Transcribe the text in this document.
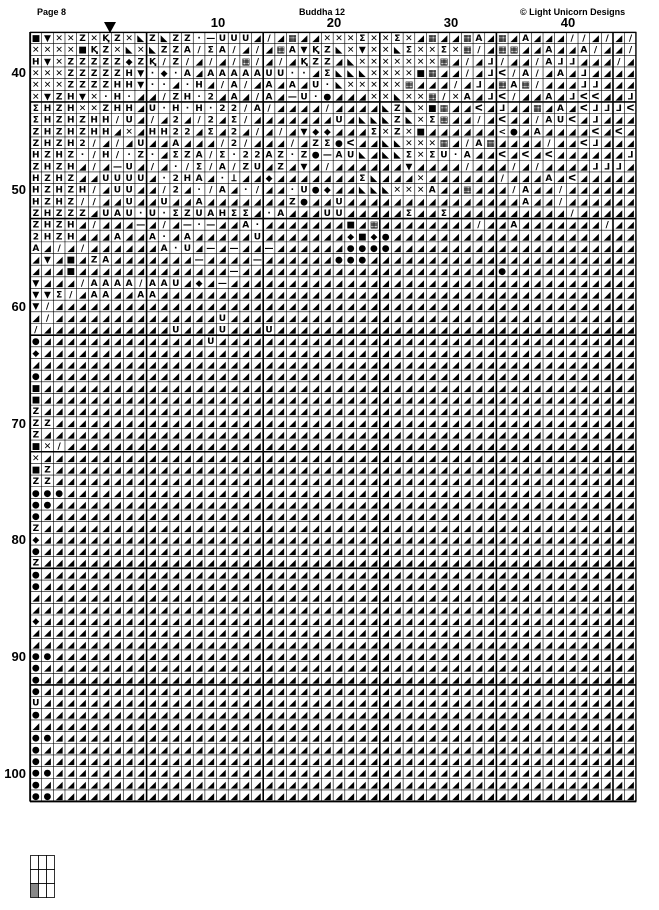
Page 8	Buddha 12	© Light Unicorn Designs
10	20	30	40
40
50
60
70
80
90
100
■ ▼ ✕ ✕ Z ✕ Ⱪ Z ✕ ◣ Z ◣ Z Z · — U U U ◢ / ◢ ▦ ◢ ◢ ✕ ✕ ✕ Σ ✕ ✕ Σ ✕ ◢ ▦ ◢ ◢ ▦ A ◢ ▦ ◢ A ◢ ◢ ◢ / / ◢ / ◢ /
✕ ✕ ✕ ✕ ■ Ⱪ Z ✕ ◣ ✕ ◣ Z Z A / Σ A / ◢ / ◢ ▦ A ▼ Ⱪ Z ◣ ✕ ▼ ✕ ✕ ◣ Σ ✕ ✕ Σ ✕ ▦ / ◢ ▦ ▦ ◢ ◢ A ◢ ◢ A / ◢ ◢ /
H ▼ ✕ Z Z Z Z Z ◆ Z Ⱪ / Z / ◢ / ◢ / ▦ / ◢ / ◢ Ⱪ Z Z ◢ ◣ ✕ ✕ ✕ ✕ ✕ ✕ ✕ ▦ ◢ / ◢ ⅃ / ◢ ◢ / A ⅃ ⅃ ◢ ◢ ◢ / ◢
✕ ✕ ✕ Z Z Z Z Z H ▼ · ◆ · A ◢ A A A A A U U · · ◢ Σ ◣ ◣ ◣ ✕ ✕ ✕ ✕ ■ ▦ ◢ ◢ / ◢ ⅃ ᐸ / A / ◢ A ◢ ⅃ ◢ ◢ ◢ ◢
✕ ✕ ✕ Z Z Z Z H H ▼ · · ◢ · H ◢ / A / ◢ A ◢ A ◢ U · ◣ ✕ ✕ ✕ ✕ ✕ ▦ ◢ ◢ ◢ / ◢ ⅃ ◢ ▦ A ▦ / ◢ ◢ ◢ ⅃ ⅃ ◢ ◢ ◢
✕ ▼ Z H ▼ ✕ · H · ◢ ◢ / Z H · 2 ◢ A ◢ / A ◢ — U · ● ◢ ◢ ◢ ✕ ✕ ◣ ✕ ✕ ▦ / ✕ A ◢ ⅃ ᐸ / ◢ ◢ A ◢ ⅃ ᐸ ᐸ ◢ ◢ ⅃
Σ H Z H ✕ ✕ Z H H ◢ U · H · H · 2 2 / A / ◢ ◢ ◢ ◢ / ◢ ◢ ◢ ◢ ◣ Z ◣ ✕ ■ ▦ ◢ ◢ ᐸ ◢ ⅃ ◢ ◢ ▦ ◢ A ◢ ᐸ ⅃ ⅃ ⅃ ᐸ
Σ H Z H Z H H / U ◢ / ◢ 2 ◢ / 2 ◢ Σ / ◢ ◢ ◢ ◢ ◢ ◢ ◢ U ◢ ◣ ◣ ◣ Z ◣ ✕ Σ ▦ ◢ ◢ / ◢ ᐸ ◢ ◢ / A U ᐸ ◢ ⅃ ◢ ◢ ◢
Z H Z H Z H H ◢ ✕ ◢ H H 2 2 ◢ Σ ◢ 2 ◢ / ◢ / ◢ ▼ ◆ ◆ ◢ ◢ ◢ Σ ✕ Z ✕ ■ ◢ ◢ ◢ ◢ ◢ ◢ < ● ◢ A ◢ ◢ ◢ ◢ ᐸ ◢ ᐸ ◢
Z H Z H 2 / ◢ / ◢ U ◢ ◢ A ◢ ◢ ◢ / 2 / ◢ ◢ ◢ / ◢ Z Σ ● ᐸ ◢ ◢ ◣ ◣ ✕ ✕ ✕ ▦ ◢ / A ▦ ◢ ◢ ◢ ◢ / ◢ ◢ ᐸ ⅃ ◢ ◢ ◢
H Z H Z · / H / · Z · ◢ Σ Z A / Σ · 2 2 A Z · Z ● — A U ◣ ◢ ◣ ◣ Σ ✕ Σ U · A ◢ ◢ ᐸ ◢ ᐸ ◢ ᐸ ◢ ◢ ◢ ◢ ◢ ◢ ⅃
Z H Z H ◢ / ◢ — U ◢ / ◢ · / Σ / A / Z U ◢ Z ◢ ▼ ◢ / ◢ ◢ ◢ ◢ ◢ ◢ ▼ ◢ ◢ ◢ ◢ / ◢ ◢ ◢ / ◢ / ◢ ◢ ◢ ◢ ⅃ ⅃ ⅃ ◢
H Z H Z ◢ ◢ U U U U ◢ · 2 H A ◢ · Ʇ ◢ ◢ ◆ ◢ ◢ ◢ ◢ ◢ ◢ ◢ Σ ◣ ◢ ◢ ◢ ✕ ◢ ◢ ◢ ◢ ◢ ◢ / ◢ ◢ ◢ A ◢ ᐸ ◢ ◢ ◢ ◢ ◢
H Z H Z H / ◢ U U ◢ ◢ / 2 ◢ · / A ◢ · / ◢ ◢ · U ● ◆ ◢ ◢ ◣ ◣ ◣ ✕ ✕ ✕ A ◢ ◢ ▦ ◢ ◢ ◢ / A ◢ ◢ / ◢ ◢ ◢ ◢ ◢ ◢
H Z H Z / / ◢ ◢ U ◢ ◢ U ◢ ◢ A ◢ ◢ ◢ ◢ ◢ ◢ ◢ Z ● ◢ ◢ U ◢ ◢ ◢ ◢ ◢ ◢ ◢ ◢ ◢ ◢ ◢ ◢ ◢ ◢ ◢ A ◢ ◢ / ◢ ◢ ◢ ◢ ◢ ◢
Z H Z Z Z ◢ U A U · U · Σ Z U A H Σ Σ ◢ · A ◢ ◢ ◢ U U ◢ ◢ ◢ ◢ ◢ Σ ◢ ◢ Σ ◢ ◢ ◢ ◢ ◢ ◢ ◢ ◢ ◢ ◢ / ◢ ◢ ◢ ◢ ◢
Z H Z H ◢ / ◢ ◢ ◢ — ◢ / ◢ — · — ◢ ◢ A · ◢ ◢ ◢ ◢ ◢ ◢ ◢ ■ ◢ ▦ ◢ ◢ ◢ ◢ ◢ ◢ ◢ ◢ / ◢ ◢ A ◢ ◢ ◢ ◢ ◢ ◢ ◢ / ◢ ◢
2 H Z H ◢ ◢ ◢ A ◢ ◢ A · ◢ A ◢ ◢ ◢ ◢ ◢ U ◢ ◢ ◢ ◢ ◢ ◢ ◢ ◆ ■ ◆ ● ◢ ◢ ◢ ◢ ◢ ◢ ◢ ◢ ◢ ◢ ◢ ◢ ◢ ◢ ◢ ◢ ◢ ◢ ◢ ◢ ◢
A ◢ / ◢ / ◢ ◢ ◢ ◢ ◢ ◢ A · U ◢ — ◢ — ◢ ◢ — ◢ ◢ ◢ ◢ ◢ ◢ ● ● ● ● ◢ ◢ ◢ ◢ ◢ ◢ ◢ ◢ ◢ ◢ ◢ ◢ ◢ ◢ ◢ ◢ ◢ ◢ ◢ ◢ ◢
◢ ▼ ◢ ■ ◢ Z A ◢ ◢ ◢ ◢ ◢ ◢ ◢ — ◢ ◢ ◢ ◢ — ◢ ◢ ◢ ◢ ◢ ◢ ● ● ● ◢ ◢ ◢ ◢ ◢ ◢ ◢ ◢ ◢ ◢ ◢ ◢ ◢ ◢ ◢ ◢ ◢ ◢ ◢ ◢ ◢ ◢ ◢
◢ ◢ ◢ ■ ◢ ◢ ◢ ◢ ◢ ◢ ◢ ◢ ◢ ◢ ◢ ◢ ◢ — ◢ ◢ ◢ ◢ ◢ ◢ ◢ ◢ ◢ ◢ ◢ ◢ ◢ ◢ ◢ ◢ ◢ ◢ ◢ ◢ ◢ ◢ ● ◢ ◢ ◢ ◢ ◢ ◢ ◢ ◢ ◢ ◢ ◢
▼ ◢ ◢ ◢ / A A A A / A A U ◢ ◆ ◢ — ◢ ◢ ◢ ◢ ◢ ◢ ◢ ◢ ◢ ◢ ◢ ◢ ◢ ◢ ◢ ◢ ◢ ◢ ◢ ◢ ◢ ◢ ◢ ◢ ◢ ◢ ◢ ◢ ◢ ◢ ◢ ◢ ◢ ◢ ◢
▼ ▼ Σ / ◢ A A ◢ ◢ A A ◢ ◢ ◢ ◢ ◢ ◢ ◢ ◢ ◢ ◢ ◢ ◢ ◢ ◢ ◢ ◢ ◢ ◢ ◢ ◢ ◢ ◢ ◢ ◢ ◢ ◢ ◢ ◢ ◢ ◢ ◢ ◢ ◢ ◢ ◢ ◢ ◢ ◢ ◢ ◢ ◢
▼ / ◢ ◢ ◢ ◢ ◢ ◢ ◢ ◢ ◢ ◢ ◢ ◢ ◢ ◢ ◢ ◢ ◢ ◢ ◢ ◢ ◢ ◢ ◢ ◢ ◢ ◢ ◢ ◢ ◢ ◢ ◢ ◢ ◢ ◢ ◢ ◢ ◢ ◢ ◢ ◢ ◢ ◢ ◢ ◢ ◢ ◢ ◢ ◢ ◢ ◢
◢ / ◢ ◢ ◢ ◢ ◢ ◢ ◢ ◢ ◢ ◢ ◢ ◢ ◢ ◢ U ◢ ◢ ◢ ◢ ◢ ◢ ◢ ◢ ◢ ◢ ◢ ◢ ◢ ◢ ◢ ◢ ◢ ◢ ◢ ◢ ◢ ◢ ◢ ◢ ◢ ◢ ◢ ◢ ◢ ◢ ◢ ◢ ◢ ◢ ◢
/ ◢ ◢ ◢ ◢ ◢ ◢ ◢ ◢ ◢ ◢ ◢ U ◢ ◢ ◢ U ◢ ◢ ◢ U ◢ ◢ ◢ ◢ ◢ ◢ ◢ ◢ ◢ ◢ ◢ ◢ ◢ ◢ ◢ ◢ ◢ ◢ ◢ ◢ ◢ ◢ ◢ ◢ ◢ ◢ ◢ ◢ ◢ ◢ ◢
● ◢ ◢ ◢ ◢ ◢ ◢ ◢ ◢ ◢ ◢ ◢ ◢ ◢ ◢ U ◢ ◢ ◢ ◢ ◢ ◢ ◢ ◢ ◢ ◢ ◢ ◢ ◢ ◢ ◢ ◢ ◢ ◢ ◢ ◢ ◢ ◢ ◢ ◢ ◢ ◢ ◢ ◢ ◢ ◢ ◢ ◢ ◢ ◢ ◢ ◢
◆ ◢ ◢ ◢ ◢ ◢ ◢ ◢ ◢ ◢ ◢ ◢ ◢ ◢ ◢ ◢ ◢ ◢ ◢ ◢ ◢ ◢ ◢ ◢ ◢ ◢ ◢ ◢ ◢ ◢ ◢ ◢ ◢ ◢ ◢ ◢ ◢ ◢ ◢ ◢ ◢ ◢ ◢ ◢ ◢ ◢ ◢ ◢ ◢ ◢ ◢ ◢
◢ ◢ ◢ ◢ ◢ ◢ ◢ ◢ ◢ ◢ ◢ ◢ ◢ ◢ ◢ ◢ ◢ ◢ ◢ ◢ ◢ ◢ ◢ ◢ ◢ ◢ ◢ ◢ ◢ ◢ ◢ ◢ ◢ ◢ ◢ ◢ ◢ ◢ ◢ ◢ ◢ ◢ ◢ ◢ ◢ ◢ ◢ ◢ ◢ ◢ ◢ ◢
● ◢ ◢ ◢ ◢ ◢ ◢ ◢ ◢ ◢ ◢ ◢ ◢ ◢ ◢ ◢ ◢ ◢ ◢ ◢ ◢ ◢ ◢ ◢ ◢ ◢ ◢ ◢ ◢ ◢ ◢ ◢ ◢ ◢ ◢ ◢ ◢ ◢ ◢ ◢ ◢ ◢ ◢ ◢ ◢ ◢ ◢ ◢ ◢ ◢ ◢ ◢
■ ◢ ◢ ◢ ◢ ◢ ◢ ◢ ◢ ◢ ◢ ◢ ◢ ◢ ◢ ◢ ◢ ◢ ◢ ◢ ◢ ◢ ◢ ◢ ◢ ◢ ◢ ◢ ◢ ◢ ◢ ◢ ◢ ◢ ◢ ◢ ◢ ◢ ◢ ◢ ◢ ◢ ◢ ◢ ◢ ◢ ◢ ◢ ◢ ◢ ◢ ◢
■ ◢ ◢ ◢ ◢ ◢ ◢ ◢ ◢ ◢ ◢ ◢ ◢ ◢ ◢ ◢ ◢ ◢ ◢ ◢ ◢ ◢ ◢ ◢ ◢ ◢ ◢ ◢ ◢ ◢ ◢ ◢ ◢ ◢ ◢ ◢ ◢ ◢ ◢ ◢ ◢ ◢ ◢ ◢ ◢ ◢ ◢ ◢ ◢ ◢ ◢ ◢
Z ◢ ◢ ◢ ◢ ◢ ◢ ◢ ◢ ◢ ◢ ◢ ◢ ◢ ◢ ◢ ◢ ◢ ◢ ◢ ◢ ◢ ◢ ◢ ◢ ◢ ◢ ◢ ◢ ◢ ◢ ◢ ◢ ◢ ◢ ◢ ◢ ◢ ◢ ◢ ◢ ◢ ◢ ◢ ◢ ◢ ◢ ◢ ◢ ◢ ◢ ◢
Z Z ◢ ◢ ◢ ◢ ◢ ◢ ◢ ◢ ◢ ◢ ◢ ◢ ◢ ◢ ◢ ◢ ◢ ◢ ◢ ◢ ◢ ◢ ◢ ◢ ◢ ◢ ◢ ◢ ◢ ◢ ◢ ◢ ◢ ◢ ◢ ◢ ◢ ◢ ◢ ◢ ◢ ◢ ◢ ◢ ◢ ◢ ◢ ◢ ◢ ◢
Z ◢ ◢ ◢ ◢ ◢ ◢ ◢ ◢ ◢ ◢ ◢ ◢ ◢ ◢ ◢ ◢ ◢ ◢ ◢ ◢ ◢ ◢ ◢ ◢ ◢ ◢ ◢ ◢ ◢ ◢ ◢ ◢ ◢ ◢ ◢ ◢ ◢ ◢ ◢ ◢ ◢ ◢ ◢ ◢ ◢ ◢ ◢ ◢ ◢ ◢ ◢
■ ✕ / ◢ ◢ ◢ ◢ ◢ ◢ ◢ ◢ ◢ ◢ ◢ ◢ ◢ ◢ ◢ ◢ ◢ ◢ ◢ ◢ ◢ ◢ ◢ ◢ ◢ ◢ ◢ ◢ ◢ ◢ ◢ ◢ ◢ ◢ ◢ ◢ ◢ ◢ ◢ ◢ ◢ ◢ ◢ ◢ ◢ ◢ ◢ ◢ ◢
✕ ◢ ◢ ◢ ◢ ◢ ◢ ◢ ◢ ◢ ◢ ◢ ◢ ◢ ◢ ◢ ◢ ◢ ◢ ◢ ◢ ◢ ◢ ◢ ◢ ◢ ◢ ◢ ◢ ◢ ◢ ◢ ◢ ◢ ◢ ◢ ◢ ◢ ◢ ◢ ◢ ◢ ◢ ◢ ◢ ◢ ◢ ◢ ◢ ◢ ◢ ◢
■ Z ◢ ◢ ◢ ◢ ◢ ◢ ◢ ◢ ◢ ◢ ◢ ◢ ◢ ◢ ◢ ◢ ◢ ◢ ◢ ◢ ◢ ◢ ◢ ◢ ◢ ◢ ◢ ◢ ◢ ◢ ◢ ◢ ◢ ◢ ◢ ◢ ◢ ◢ ◢ ◢ ◢ ◢ ◢ ◢ ◢ ◢ ◢ ◢ ◢ ◢
Z Z ◢ ◢ ◢ ◢ ◢ ◢ ◢ ◢ ◢ ◢ ◢ ◢ ◢ ◢ ◢ ◢ ◢ ◢ ◢ ◢ ◢ ◢ ◢ ◢ ◢ ◢ ◢ ◢ ◢ ◢ ◢ ◢ ◢ ◢ ◢ ◢ ◢ ◢ ◢ ◢ ◢ ◢ ◢ ◢ ◢ ◢ ◢ ◢ ◢ ◢
● ● ● ◢ ◢ ◢ ◢ ◢ ◢ ◢ ◢ ◢ ◢ ◢ ◢ ◢ ◢ ◢ ◢ ◢ ◢ ◢ ◢ ◢ ◢ ◢ ◢ ◢ ◢ ◢ ◢ ◢ ◢ ◢ ◢ ◢ ◢ ◢ ◢ ◢ ◢ ◢ ◢ ◢ ◢ ◢ ◢ ◢ ◢ ◢ ◢ ◢
● ● ◢ ◢ ◢ ◢ ◢ ◢ ◢ ◢ ◢ ◢ ◢ ◢ ◢ ◢ ◢ ◢ ◢ ◢ ◢ ◢ ◢ ◢ ◢ ◢ ◢ ◢ ◢ ◢ ◢ ◢ ◢ ◢ ◢ ◢ ◢ ◢ ◢ ◢ ◢ ◢ ◢ ◢ ◢ ◢ ◢ ◢ ◢ ◢ ◢ ◢
● ◢ ◢ ◢ ◢ ◢ ◢ ◢ ◢ ◢ ◢ ◢ ◢ ◢ ◢ ◢ ◢ ◢ ◢ ◢ ◢ ◢ ◢ ◢ ◢ ◢ ◢ ◢ ◢ ◢ ◢ ◢ ◢ ◢ ◢ ◢ ◢ ◢ ◢ ◢ ◢ ◢ ◢ ◢ ◢ ◢ ◢ ◢ ◢ ◢ ◢ ◢
Z ◢ ◢ ◢ ◢ ◢ ◢ ◢ ◢ ◢ ◢ ◢ ◢ ◢ ◢ ◢ ◢ ◢ ◢ ◢ ◢ ◢ ◢ ◢ ◢ ◢ ◢ ◢ ◢ ◢ ◢ ◢ ◢ ◢ ◢ ◢ ◢ ◢ ◢ ◢ ◢ ◢ ◢ ◢ ◢ ◢ ◢ ◢ ◢ ◢ ◢ ◢
◆ ◢ ◢ ◢ ◢ ◢ ◢ ◢ ◢ ◢ ◢ ◢ ◢ ◢ ◢ ◢ ◢ ◢ ◢ ◢ ◢ ◢ ◢ ◢ ◢ ◢ ◢ ◢ ◢ ◢ ◢ ◢ ◢ ◢ ◢ ◢ ◢ ◢ ◢ ◢ ◢ ◢ ◢ ◢ ◢ ◢ ◢ ◢ ◢ ◢ ◢ ◢
● ◢ ◢ ◢ ◢ ◢ ◢ ◢ ◢ ◢ ◢ ◢ ◢ ◢ ◢ ◢ ◢ ◢ ◢ ◢ ◢ ◢ ◢ ◢ ◢ ◢ ◢ ◢ ◢ ◢ ◢ ◢ ◢ ◢ ◢ ◢ ◢ ◢ ◢ ◢ ◢ ◢ ◢ ◢ ◢ ◢ ◢ ◢ ◢ ◢ ◢ ◢
Z ◢ ◢ ◢ ◢ ◢ ◢ ◢ ◢ ◢ ◢ ◢ ◢ ◢ ◢ ◢ ◢ ◢ ◢ ◢ ◢ ◢ ◢ ◢ ◢ ◢ ◢ ◢ ◢ ◢ ◢ ◢ ◢ ◢ ◢ ◢ ◢ ◢ ◢ ◢ ◢ ◢ ◢ ◢ ◢ ◢ ◢ ◢ ◢ ◢ ◢ ◢
● ◢ ◢ ◢ ◢ ◢ ◢ ◢ ◢ ◢ ◢ ◢ ◢ ◢ ◢ ◢ ◢ ◢ ◢ ◢ ◢ ◢ ◢ ◢ ◢ ◢ ◢ ◢ ◢ ◢ ◢ ◢ ◢ ◢ ◢ ◢ ◢ ◢ ◢ ◢ ◢ ◢ ◢ ◢ ◢ ◢ ◢ ◢ ◢ ◢ ◢ ◢
● ◢ ◢ ◢ ◢ ◢ ◢ ◢ ◢ ◢ ◢ ◢ ◢ ◢ ◢ ◢ ◢ ◢ ◢ ◢ ◢ ◢ ◢ ◢ ◢ ◢ ◢ ◢ ◢ ◢ ◢ ◢ ◢ ◢ ◢ ◢ ◢ ◢ ◢ ◢ ◢ ◢ ◢ ◢ ◢ ◢ ◢ ◢ ◢ ◢ ◢ ◢
◢ ◢ ◢ ◢ ◢ ◢ ◢ ◢ ◢ ◢ ◢ ◢ ◢ ◢ ◢ ◢ ◢ ◢ ◢ ◢ ◢ ◢ ◢ ◢ ◢ ◢ ◢ ◢ ◢ ◢ ◢ ◢ ◢ ◢ ◢ ◢ ◢ ◢ ◢ ◢ ◢ ◢ ◢ ◢ ◢ ◢ ◢ ◢ ◢ ◢ ◢ ◢
◢ ◢ ◢ ◢ ◢ ◢ ◢ ◢ ◢ ◢ ◢ ◢ ◢ ◢ ◢ ◢ ◢ ◢ ◢ ◢ ◢ ◢ ◢ ◢ ◢ ◢ ◢ ◢ ◢ ◢ ◢ ◢ ◢ ◢ ◢ ◢ ◢ ◢ ◢ ◢ ◢ ◢ ◢ ◢ ◢ ◢ ◢ ◢ ◢ ◢ ◢ ◢
◆ ◢ ◢ ◢ ◢ ◢ ◢ ◢ ◢ ◢ ◢ ◢ ◢ ◢ ◢ ◢ ◢ ◢ ◢ ◢ ◢ ◢ ◢ ◢ ◢ ◢ ◢ ◢ ◢ ◢ ◢ ◢ ◢ ◢ ◢ ◢ ◢ ◢ ◢ ◢ ◢ ◢ ◢ ◢ ◢ ◢ ◢ ◢ ◢ ◢ ◢ ◢
◢ ◢ ◢ ◢ ◢ ◢ ◢ ◢ ◢ ◢ ◢ ◢ ◢ ◢ ◢ ◢ ◢ ◢ ◢ ◢ ◢ ◢ ◢ ◢ ◢ ◢ ◢ ◢ ◢ ◢ ◢ ◢ ◢ ◢ ◢ ◢ ◢ ◢ ◢ ◢ ◢ ◢ ◢ ◢ ◢ ◢ ◢ ◢ ◢ ◢ ◢ ◢
◢ ◢ ◢ ◢ ◢ ◢ ◢ ◢ ◢ ◢ ◢ ◢ ◢ ◢ ◢ ◢ ◢ ◢ ◢ ◢ ◢ ◢ ◢ ◢ ◢ ◢ ◢ ◢ ◢ ◢ ◢ ◢ ◢ ◢ ◢ ◢ ◢ ◢ ◢ ◢ ◢ ◢ ◢ ◢ ◢ ◢ ◢ ◢ ◢ ◢ ◢ ◢
● ● ◢ ◢ ◢ ◢ ◢ ◢ ◢ ◢ ◢ ◢ ◢ ◢ ◢ ◢ ◢ ◢ ◢ ◢ ◢ ◢ ◢ ◢ ◢ ◢ ◢ ◢ ◢ ◢ ◢ ◢ ◢ ◢ ◢ ◢ ◢ ◢ ◢ ◢ ◢ ◢ ◢ ◢ ◢ ◢ ◢ ◢ ◢ ◢ ◢ ◢
● ◢ ◢ ◢ ◢ ◢ ◢ ◢ ◢ ◢ ◢ ◢ ◢ ◢ ◢ ◢ ◢ ◢ ◢ ◢ ◢ ◢ ◢ ◢ ◢ ◢ ◢ ◢ ◢ ◢ ◢ ◢ ◢ ◢ ◢ ◢ ◢ ◢ ◢ ◢ ◢ ◢ ◢ ◢ ◢ ◢ ◢ ◢ ◢ ◢ ◢ ◢
● ◢ ◢ ◢ ◢ ◢ ◢ ◢ ◢ ◢ ◢ ◢ ◢ ◢ ◢ ◢ ◢ ◢ ◢ ◢ ◢ ◢ ◢ ◢ ◢ ◢ ◢ ◢ ◢ ◢ ◢ ◢ ◢ ◢ ◢ ◢ ◢ ◢ ◢ ◢ ◢ ◢ ◢ ◢ ◢ ◢ ◢ ◢ ◢ ◢ ◢ ◢
● ◢ ◢ ◢ ◢ ◢ ◢ ◢ ◢ ◢ ◢ ◢ ◢ ◢ ◢ ◢ ◢ ◢ ◢ ◢ ◢ ◢ ◢ ◢ ◢ ◢ ◢ ◢ ◢ ◢ ◢ ◢ ◢ ◢ ◢ ◢ ◢ ◢ ◢ ◢ ◢ ◢ ◢ ◢ ◢ ◢ ◢ ◢ ◢ ◢ ◢ ◢
U ◢ ◢ ◢ ◢ ◢ ◢ ◢ ◢ ◢ ◢ ◢ ◢ ◢ ◢ ◢ ◢ ◢ ◢ ◢ ◢ ◢ ◢ ◢ ◢ ◢ ◢ ◢ ◢ ◢ ◢ ◢ ◢ ◢ ◢ ◢ ◢ ◢ ◢ ◢ ◢ ◢ ◢ ◢ ◢ ◢ ◢ ◢ ◢ ◢ ◢ ◢
● ◢ ◢ ◢ ◢ ◢ ◢ ◢ ◢ ◢ ◢ ◢ ◢ ◢ ◢ ◢ ◢ ◢ ◢ ◢ ◢ ◢ ◢ ◢ ◢ ◢ ◢ ◢ ◢ ◢ ◢ ◢ ◢ ◢ ◢ ◢ ◢ ◢ ◢ ◢ ◢ ◢ ◢ ◢ ◢ ◢ ◢ ◢ ◢ ◢ ◢ ◢
◢ ◢ ◢ ◢ ◢ ◢ ◢ ◢ ◢ ◢ ◢ ◢ ◢ ◢ ◢ ◢ ◢ ◢ ◢ ◢ ◢ ◢ ◢ ◢ ◢ ◢ ◢ ◢ ◢ ◢ ◢ ◢ ◢ ◢ ◢ ◢ ◢ ◢ ◢ ◢ ◢ ◢ ◢ ◢ ◢ ◢ ◢ ◢ ◢ ◢ ◢ ◢
● ● ◢ ◢ ◢ ◢ ◢ ◢ ◢ ◢ ◢ ◢ ◢ ◢ ◢ ◢ ◢ ◢ ◢ ◢ ◢ ◢ ◢ ◢ ◢ ◢ ◢ ◢ ◢ ◢ ◢ ◢ ◢ ◢ ◢ ◢ ◢ ◢ ◢ ◢ ◢ ◢ ◢ ◢ ◢ ◢ ◢ ◢ ◢ ◢ ◢ ◢
● ◢ ◢ ◢ ◢ ◢ ◢ ◢ ◢ ◢ ◢ ◢ ◢ ◢ ◢ ◢ ◢ ◢ ◢ ◢ ◢ ◢ ◢ ◢ ◢ ◢ ◢ ◢ ◢ ◢ ◢ ◢ ◢ ◢ ◢ ◢ ◢ ◢ ◢ ◢ ◢ ◢ ◢ ◢ ◢ ◢ ◢ ◢ ◢ ◢ ◢ ◢
● ◢ ◢ ◢ ◢ ◢ ◢ ◢ ◢ ◢ ◢ ◢ ◢ ◢ ◢ ◢ ◢ ◢ ◢ ◢ ◢ ◢ ◢ ◢ ◢ ◢ ◢ ◢ ◢ ◢ ◢ ◢ ◢ ◢ ◢ ◢ ◢ ◢ ◢ ◢ ◢ ◢ ◢ ◢ ◢ ◢ ◢ ◢ ◢ ◢ ◢ ◢
● ● ◢ ◢ ◢ ◢ ◢ ◢ ◢ ◢ ◢ ◢ ◢ ◢ ◢ ◢ ◢ ◢ ◢ ◢ ◢ ◢ ◢ ◢ ◢ ◢ ◢ ◢ ◢ ◢ ◢ ◢ ◢ ◢ ◢ ◢ ◢ ◢ ◢ ◢ ◢ ◢ ◢ ◢ ◢ ◢ ◢ ◢ ◢ ◢ ◢ ◢
● ◢ ◢ ◢ ◢ ◢ ◢ ◢ ◢ ◢ ◢ ◢ ◢ ◢ ◢ ◢ ◢ ◢ ◢ ◢ ◢ ◢ ◢ ◢ ◢ ◢ ◢ ◢ ◢ ◢ ◢ ◢ ◢ ◢ ◢ ◢ ◢ ◢ ◢ ◢ ◢ ◢ ◢ ◢ ◢ ◢ ◢ ◢ ◢ ◢ ◢ ◢
● ● ◢ ◢ ◢ ◢ ◢ ◢ ◢ ◢ ◢ ◢ ◢ ◢ ◢ ◢ ◢ ◢ ◢ ◢ ◢ ◢ ◢ ◢ ◢ ◢ ◢ ◢ ◢ ◢ ◢ ◢ ◢ ◢ ◢ ◢ ◢ ◢ ◢ ◢ ◢ ◢ ◢ ◢ ◢ ◢ ◢ ◢ ◢ ◢ ◢ ◢
